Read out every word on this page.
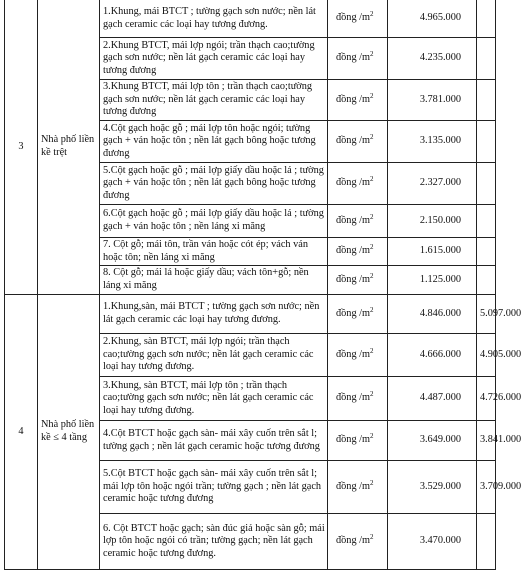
3	Nhà phố liền kề trệt	1.Khung, mái BTCT ; tường gạch sơn nước; nền lát gạch ceramic các loại hay tương đương.	đồng $/m^2$	4.965.000	
		2.Khung BTCT, mái lợp ngói; trần thạch cao;tường gạch sơn nước; nền lát gạch ceramic các loại hay tương đương	đồng $/m^2$	4.235.000	
		3.Khung BTCT, mái lợp tôn ; trần thạch cao;tường gạch sơn nước; nền lát gạch ceramic các loại hay tương đương	đồng $/m^2$	3.781.000	
		4.Cột gạch hoặc gỗ ; mái lợp tôn hoặc ngói; tường gạch + ván hoặc tôn ; nền lát gạch bông hoặc tương đương	đồng $/m^2$	3.135.000	
		5.Cột gạch hoặc gỗ ; mái lợp giấy dầu hoặc lá ; tường gạch + ván hoặc tôn ; nền lát gạch bông hoặc tương đương	đồng $/m^2$	2.327.000	
		6.Cột gạch hoặc gỗ ; mái lợp giấy dầu hoặc lá ; tường gạch + ván hoặc tôn ; nền láng xi măng	đồng $/m^2$	2.150.000	
		7. Cột gỗ; mái tôn, trần ván hoặc cót ép; vách ván hoặc tôn; nền láng xi măng	đồng $/m^2$	1.615.000	
		8. Cột gỗ; mái lá hoặc giấy dầu; vách tôn+gỗ; nền láng xi măng	đồng $/m^2$	1.125.000	
4	Nhà phố liền kề ≤ 4 tầng	1.Khung,sàn, mái BTCT ; tường gạch sơn nước; nền lát gạch ceramic các loại hay tương đương.	đồng $/m^2$	4.846.000	5.097.000
		2.Khung, sàn BTCT, mái lợp ngói; trần thạch cao;tường gạch sơn nước; nền lát gạch ceramic các loại hay tương đương.	đồng $/m^2$	4.666.000	4.905.000
		3.Khung, sàn BTCT, mái lợp tôn ; trần thạch cao;tường gạch sơn nước; nền lát gạch ceramic các loại hay tương đương.	đồng $/m^2$	4.487.000	4.726.000
		4.Cột BTCT hoặc gạch sàn- mái xây cuốn trên sắt l; tường gạch ; nền lát gạch ceramic hoặc tương đương	đồng $/m^2$	3.649.000	3.841.000
		5.Cột BTCT hoặc gạch sàn- mái xây cuốn trên sắt l; mái lợp tôn hoặc ngói trần; tường gạch ; nền lát gạch ceramic hoặc tương đương	đồng $/m^2$	3.529.000	3.709.000
		6. Cột BTCT hoặc gạch; sàn đúc giả hoặc sàn gỗ; mái lợp tôn hoặc ngói có trần; tường gạch; nền lát gạch ceramic hoặc tương đương.	đồng $/m^2$	3.470.000	
